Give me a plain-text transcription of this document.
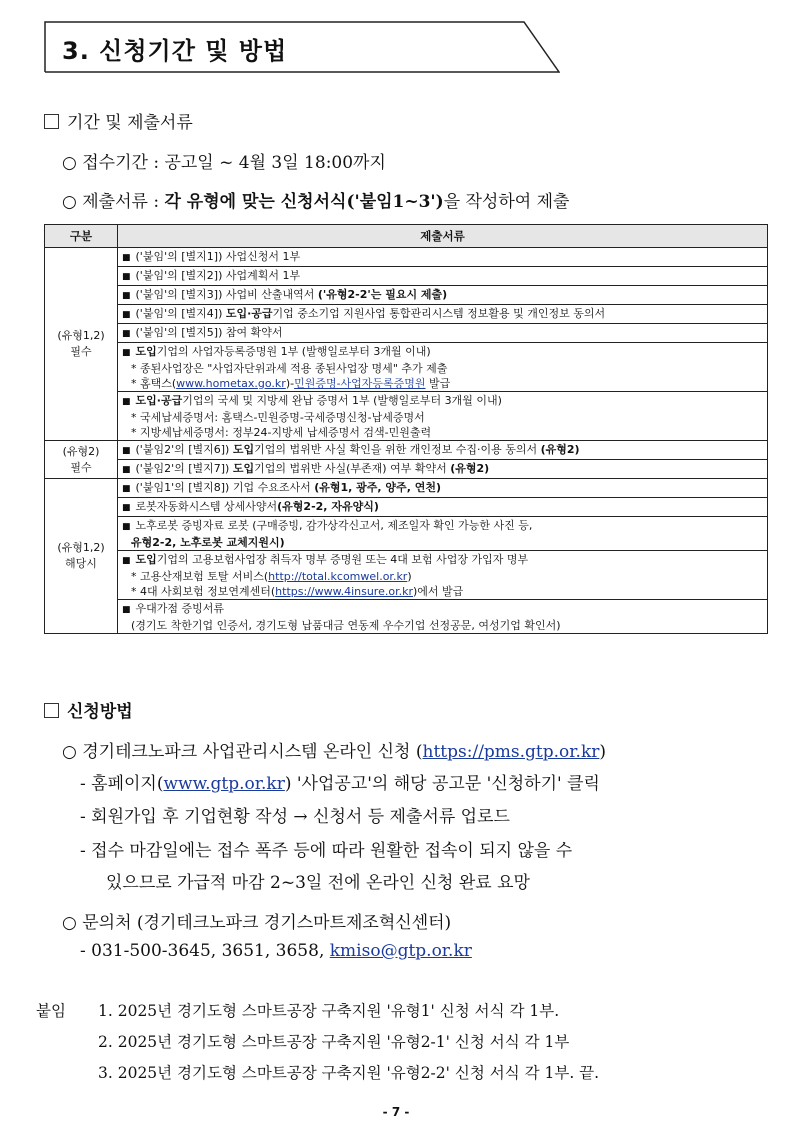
3. 신청기간 및 방법
기간 및 제출서류
○ 접수기간 : 공고일 ~ 4월 3일 18:00까지
○ 제출서류 : 각 유형에 맞는 신청서식('붙임1~3')을 작성하여 제출
구분	제출서류
(유형1,2)
필수	■ ('붙임'의 [별지1]) 사업신청서 1부

	■ ('붙임'의 [별지2]) 사업계획서 1부

	■ ('붙임'의 [별지3]) 사업비 산출내역서 ('유형2-2'는 필요시 제출)

	■ ('붙임'의 [별지4]) 도입·공급기업 중소기업 지원사업 통합관리시스템 정보활용 및 개인정보 동의서

	■ ('붙임'의 [별지5]) 참여 확약서

	■ 도입기업의 사업자등록증명원 1부 (발행일로부터 3개월 이내)
* 종된사업장은 "사업자단위과세 적용 종된사업장 명세" 추가 제출
* 홈택스(www.hometax.go.kr)-민원증명-사업자등록증명원 발급

	■ 도입·공급기업의 국세 및 지방세 완납 증명서 1부 (발행일로부터 3개월 이내)
* 국세납세증명서: 홈택스-민원증명-국세증명신청-납세증명서
* 지방세납세증명서: 정부24-지방세 납세증명서 검색-민원출력

(유형2)
필수	■ ('붙임2'의 [별지6]) 도입기업의 법위반 사실 확인을 위한 개인정보 수집·이용 동의서 (유형2)

	■ ('붙임2'의 [별지7]) 도입기업의 법위반 사실(부존재) 여부 확약서 (유형2)

(유형1,2)
해당시	■ ('붙임1'의 [별지8]) 기업 수요조사서 (유형1, 광주, 양주, 연천)

	■ 로봇자동화시스템 상세사양서(유형2-2, 자유양식)

	■ 노후로봇 증빙자료 로봇 (구매증빙, 감가상각신고서, 제조일자 확인 가능한 사진 등,
유형2-2, 노후로봇 교체지원시)

	■ 도입기업의 고용보험사업장 취득자 명부 증명원 또는 4대 보험 사업장 가입자 명부
* 고용산재보험 토탈 서비스(http://total.kcomwel.or.kr)
* 4대 사회보험 정보연계센터(https://www.4insure.or.kr)에서 발급

	■ 우대가점 증빙서류
(경기도 착한기업 인증서, 경기도형 납품대금 연동제 우수기업 선정공문, 여성기업 확인서)
신청방법
○ 경기테크노파크 사업관리시스템 온라인 신청 (https://pms.gtp.or.kr)
- 홈페이지(www.gtp.or.kr) '사업공고'의 해당 공고문 '신청하기' 클릭
- 회원가입 후 기업현황 작성 → 신청서 등 제출서류 업로드
- 접수 마감일에는 접수 폭주 등에 따라 원활한 접속이 되지 않을 수
있으므로 가급적 마감 2~3일 전에 온라인 신청 완료 요망
○ 문의처 (경기테크노파크 경기스마트제조혁신센터)
- 031-500-3645, 3651, 3658, kmiso@gtp.or.kr
붙임 1. 2025년 경기도형 스마트공장 구축지원 '유형1' 신청 서식 각 1부.
2. 2025년 경기도형 스마트공장 구축지원 '유형2-1' 신청 서식 각 1부
3. 2025년 경기도형 스마트공장 구축지원 '유형2-2' 신청 서식 각 1부. 끝.
- 7 -
